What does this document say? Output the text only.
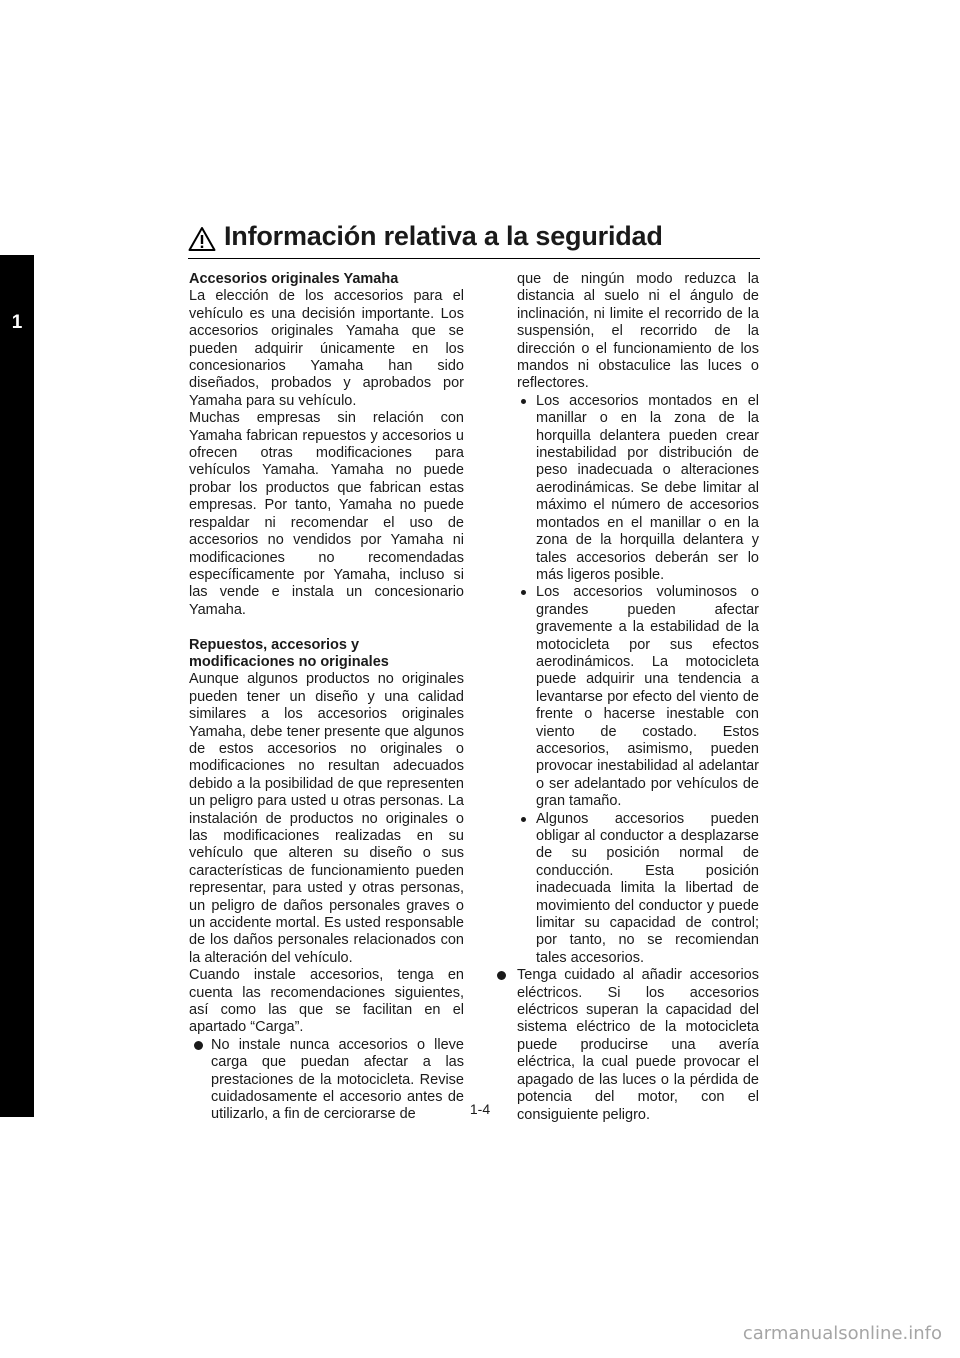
1
Información relativa a la seguridad
Accesorios originales Yamaha

La elección de los accesorios para el vehículo es una decisión importante. Los accesorios originales Yamaha que se pueden adquirir únicamente en los concesionarios Yamaha han sido diseñados, probados y aprobados por Yamaha para su vehículo.

Muchas empresas sin relación con Yamaha fabrican repuestos y accesorios u ofrecen otras modificaciones para vehículos Yamaha. Yamaha no puede probar los productos que fabrican estas empresas. Por tanto, Yamaha no puede respaldar ni recomendar el uso de accesorios no vendidos por Yamaha ni modificaciones no recomendadas específicamente por Yamaha, incluso si las vende e instala un concesionario Yamaha.

Repuestos, accesorios y modificaciones no originales

Aunque algunos productos no originales pueden tener un diseño y una calidad similares a los accesorios originales Yamaha, debe tener presente que algunos de estos accesorios no originales o modificaciones no resultan adecuados debido a la posibilidad de que representen un peligro para usted u otras personas. La instalación de productos no originales o las modificaciones realizadas en su vehículo que alteren su diseño o sus características de funcionamiento pueden representar, para usted y otras personas, un peligro de daños personales graves o un accidente mortal. Es usted responsable de los daños personales relacionados con la alteración del vehículo.

Cuando instale accesorios, tenga en cuenta las recomendaciones siguientes, así como las que se facilitan en el apartado “Carga”.

No instale nunca accesorios o lleve carga que puedan afectar a las prestaciones de la motocicleta. Revise cuidadosamente el accesorio antes de utilizarlo, a fin de cerciorarse de

que de ningún modo reduzca la distancia al suelo ni el ángulo de inclinación, ni limite el recorrido de la suspensión, el recorrido de la dirección o el funcionamiento de los mandos ni obstaculice las luces o reflectores.

Los accesorios montados en el manillar o en la zona de la horquilla delantera pueden crear inestabilidad por distribución de peso inadecuada o alteraciones aerodinámicas. Se debe limitar al máximo el número de accesorios montados en el manillar o en la zona de la horquilla delantera y tales accesorios deberán ser lo más ligeros posible.

Los accesorios voluminosos o grandes pueden afectar gravemente a la estabilidad de la motocicleta por sus efectos aerodinámicos. La motocicleta puede adquirir una tendencia a levantarse por efecto del viento de frente o hacerse inestable con viento de costado. Estos accesorios, asimismo, pueden provocar inestabilidad al adelantar o ser adelantado por vehículos de gran tamaño.

Algunos accesorios pueden obligar al conductor a desplazarse de su posición normal de conducción. Esta posición inadecuada limita la libertad de movimiento del conductor y puede limitar su capacidad de control; por tanto, no se recomiendan tales accesorios.

Tenga cuidado al añadir accesorios eléctricos. Si los accesorios eléctricos superan la capacidad del sistema eléctrico de la motocicleta puede producirse una avería eléctrica, la cual puede provocar el apagado de las luces o la pérdida de potencia del motor, con el consiguiente peligro.

1-4
carmanualsonline.info
